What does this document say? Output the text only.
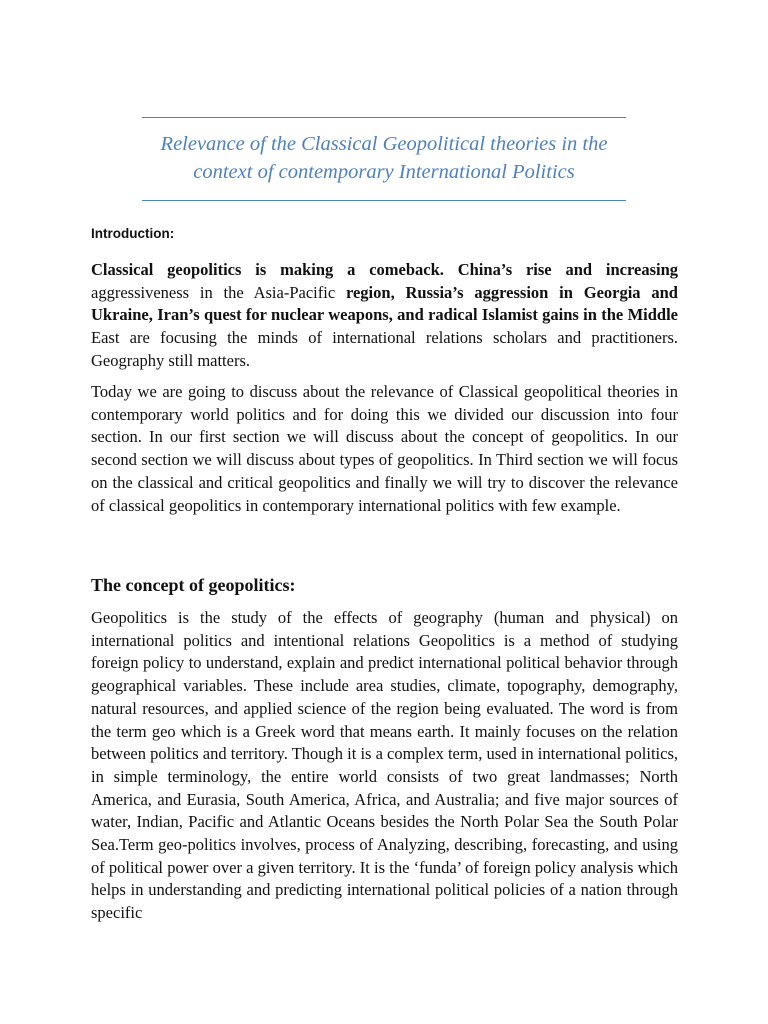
Relevance of the Classical Geopolitical theories in the
context of contemporary International Politics
Introduction:

Classical geopolitics is making a comeback. China’s rise and increasing aggressiveness in the Asia-Pacific region, Russia’s aggression in Georgia and Ukraine, Iran’s quest for nuclear weapons, and radical Islamist gains in the Middle East are focusing the minds of international relations scholars and practitioners. Geography still matters.

Today we are going to discuss about the relevance of Classical geopolitical theories in contemporary world politics and for doing this we divided our discussion into four section. In our first section we will discuss about the concept of geopolitics. In our second section we will discuss about types of geopolitics. In Third section we will focus on the classical and critical geopolitics and finally we will try to discover the relevance of classical geopolitics in contemporary international politics with few example.

The concept of geopolitics:

Geopolitics is the study of the effects of geography (human and physical) on international politics and intentional relations Geopolitics is a method of studying foreign policy to understand, explain and predict international political behavior through geographical variables. These include area studies, climate, topography, demography, natural resources, and applied science of the region being evaluated. The word is from the term geo which is a Greek word that means earth. It mainly focuses on the relation between politics and territory. Though it is a complex term, used in international politics, in simple terminology, the entire world consists of two great landmasses; North America, and Eurasia, South America, Africa, and Australia; and five major sources of water, Indian, Pacific and Atlantic Oceans besides the North Polar Sea the South Polar Sea.Term geo-politics involves, process of Analyzing, describing, forecasting, and using of political power over a given territory. It is the ‘funda’ of foreign policy analysis which helps in understanding and predicting international political policies of a nation through specific
